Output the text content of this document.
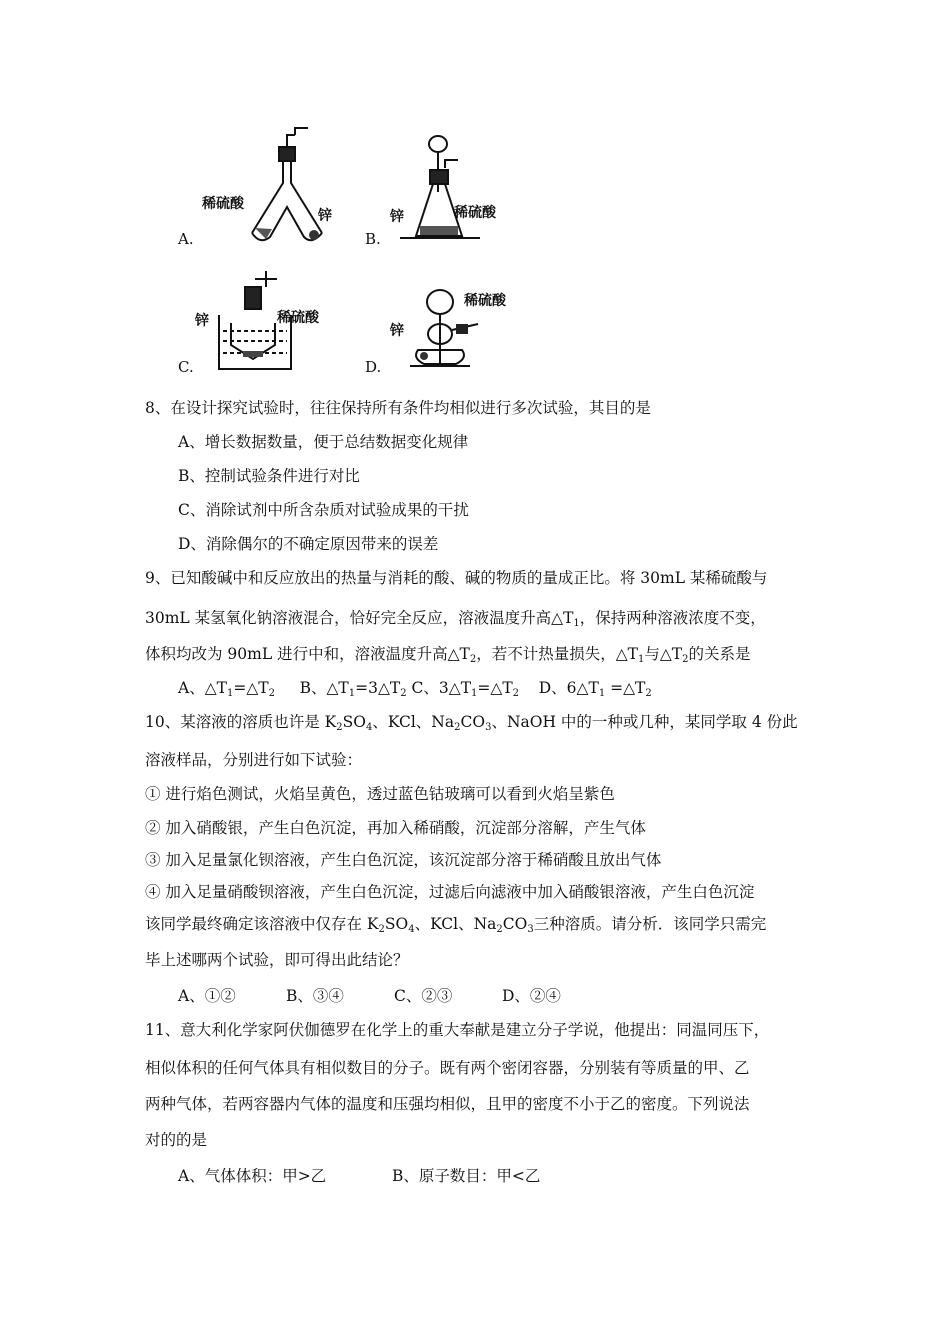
稀硫酸
锌
A.
锌	稀硫酸
B.
锌	稀硫酸
C.
稀硫酸
锌
D.
8、在设计探究试验时，往往保持所有条件均相似进行多次试验，其目的是
A、增长数据数量，便于总结数据变化规律
B、控制试验条件进行对比
C、消除试剂中所含杂质对试验成果的干扰
D、消除偶尔的不确定原因带来的误差
9、已知酸碱中和反应放出的热量与消耗的酸、碱的物质的量成正比。将 30mL 某稀硫酸与
30mL 某氢氧化钠溶液混合，恰好完全反应，溶液温度升高$\triangle T_1$，保持两种溶液浓度不变，
体积均改为 90mL 进行中和，溶液温度升高$\triangle T_2$，若不计热量损失，$\triangle T_1$与$\triangle T_2$的关系是
A、$\triangle T_1=\triangle T_2$ B、$\triangle T_1=3\triangle T_2$ C、$3\triangle T_1=\triangle T_2$ D、$6\triangle T_1$ $=\triangle T_2$
10、某溶液的溶质也许是 $K_2SO_4$、KCl、$Na_2CO_3$、NaOH 中的一种或几种，某同学取 4 份此
溶液样品，分别进行如下试验：
① 进行焰色测试，火焰呈黄色，透过蓝色钴玻璃可以看到火焰呈紫色
② 加入硝酸银，产生白色沉淀，再加入稀硝酸，沉淀部分溶解，产生气体
③ 加入足量氯化钡溶液，产生白色沉淀，该沉淀部分溶于稀硝酸且放出气体
④ 加入足量硝酸钡溶液，产生白色沉淀，过滤后向滤液中加入硝酸银溶液，产生白色沉淀
该同学最终确定该溶液中仅存在 $K_2SO_4$、KCl、$Na_2CO_3$三种溶质。请分析．该同学只需完
毕上述哪两个试验，即可得出此结论？
A、①②	B、③④	C、②③	D、②④
11、意大利化学家阿伏伽德罗在化学上的重大奉献是建立分子学说，他提出：同温同压下，
相似体积的任何气体具有相似数目的分子。既有两个密闭容器，分别装有等质量的甲、乙
两种气体，若两容器内气体的温度和压强均相似，且甲的密度不小于乙的密度。下列说法
对的的是
A、气体体积：甲>乙	B、原子数目：甲<乙
